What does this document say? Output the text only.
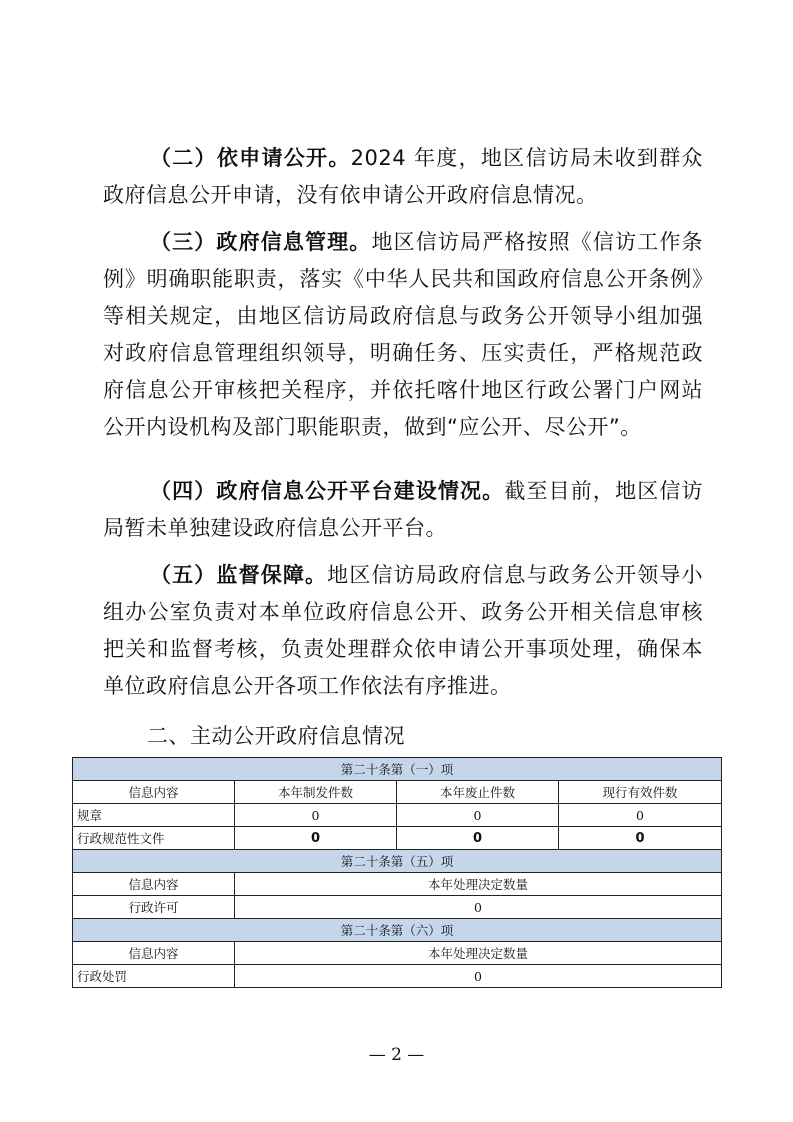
（二）依申请公开。2024 年度，地区信访局未收到群众政府信息公开申请，没有依申请公开政府信息情况。
（三）政府信息管理。地区信访局严格按照《信访工作条例》明确职能职责，落实《中华人民共和国政府信息公开条例》等相关规定，由地区信访局政府信息与政务公开领导小组加强对政府信息管理组织领导，明确任务、压实责任，严格规范政府信息公开审核把关程序，并依托喀什地区行政公署门户网站公开内设机构及部门职能职责，做到“应公开、尽公开”。
（四）政府信息公开平台建设情况。截至目前，地区信访局暂未单独建设政府信息公开平台。
（五）监督保障。地区信访局政府信息与政务公开领导小组办公室负责对本单位政府信息公开、政务公开相关信息审核把关和监督考核，负责处理群众依申请公开事项处理，确保本单位政府信息公开各项工作依法有序推进。
二、主动公开政府信息情况
第二十条第（一）项			
信息内容	本年制发件数	本年废止件数	现行有效件数
规章	0	0	0
行政规范性文件	0	0	0
第二十条第（五）项			
信息内容	本年处理决定数量		
行政许可	0		
第二十条第（六）项			
信息内容	本年处理决定数量		
行政处罚	0		
— 2 —
